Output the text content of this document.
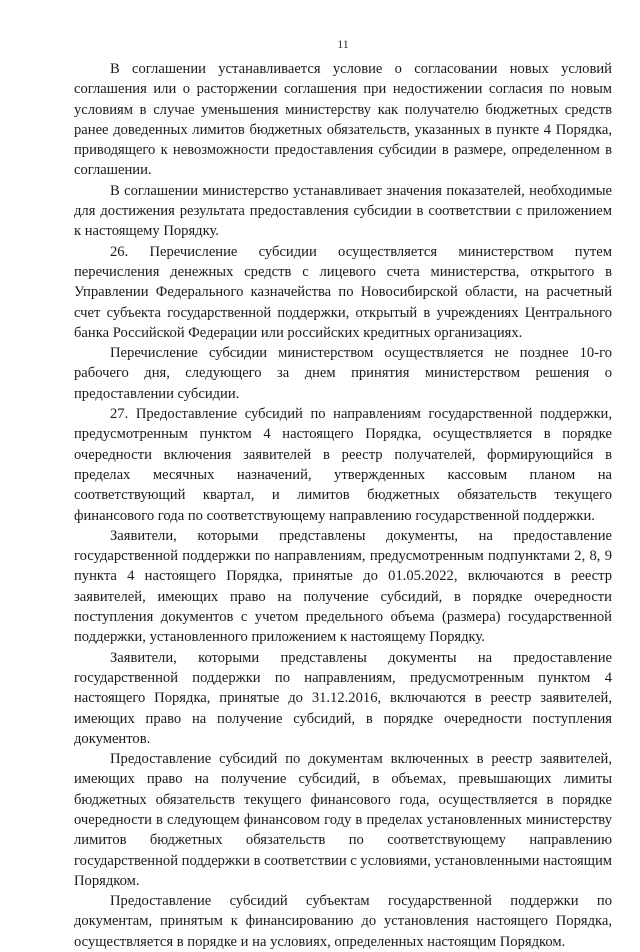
11

В соглашении устанавливается условие о согласовании новых условий соглашения или о расторжении соглашения при недостижении согласия по новым условиям в случае уменьшения министерству как получателю бюджетных средств ранее доведенных лимитов бюджетных обязательств, указанных в пункте 4 Порядка, приводящего к невозможности предоставления субсидии в размере, определенном в соглашении.

В соглашении министерство устанавливает значения показателей, необходимые для достижения результата предоставления субсидии в соответствии с приложением к настоящему Порядку.

26. Перечисление субсидии осуществляется министерством путем перечисления денежных средств с лицевого счета министерства, открытого в Управлении Федерального казначейства по Новосибирской области, на расчетный счет субъекта государственной поддержки, открытый в учреждениях Центрального банка Российской Федерации или российских кредитных организациях.

Перечисление субсидии министерством осуществляется не позднее 10-го рабочего дня, следующего за днем принятия министерством решения о предоставлении субсидии.

27. Предоставление субсидий по направлениям государственной поддержки, предусмотренным пунктом 4 настоящего Порядка, осуществляется в порядке очередности включения заявителей в реестр получателей, формирующийся в пределах месячных назначений, утвержденных кассовым планом на соответствующий квартал, и лимитов бюджетных обязательств текущего финансового года по соответствующему направлению государственной поддержки.

Заявители, которыми представлены документы, на предоставление государственной поддержки по направлениям, предусмотренным подпунктами 2, 8, 9 пункта 4 настоящего Порядка, принятые до 01.05.2022, включаются в реестр заявителей, имеющих право на получение субсидий, в порядке очередности поступления документов с учетом предельного объема (размера) государственной поддержки, установленного приложением к настоящему Порядку.

Заявители, которыми представлены документы на предоставление государственной поддержки по направлениям, предусмотренным пунктом 4 настоящего Порядка, принятые до 31.12.2016, включаются в реестр заявителей, имеющих право на получение субсидий, в порядке очередности поступления документов.

Предоставление субсидий по документам включенных в реестр заявителей, имеющих право на получение субсидий, в объемах, превышающих лимиты бюджетных обязательств текущего финансового года, осуществляется в порядке очередности в следующем финансовом году в пределах установленных министерству лимитов бюджетных обязательств по соответствующему направлению государственной поддержки в соответствии с условиями, установленными настоящим Порядком.

Предоставление субсидий субъектам государственной поддержки по документам, принятым к финансированию до установления настоящего Порядка, осуществляется в порядке и на условиях, определенных настоящим Порядком.
